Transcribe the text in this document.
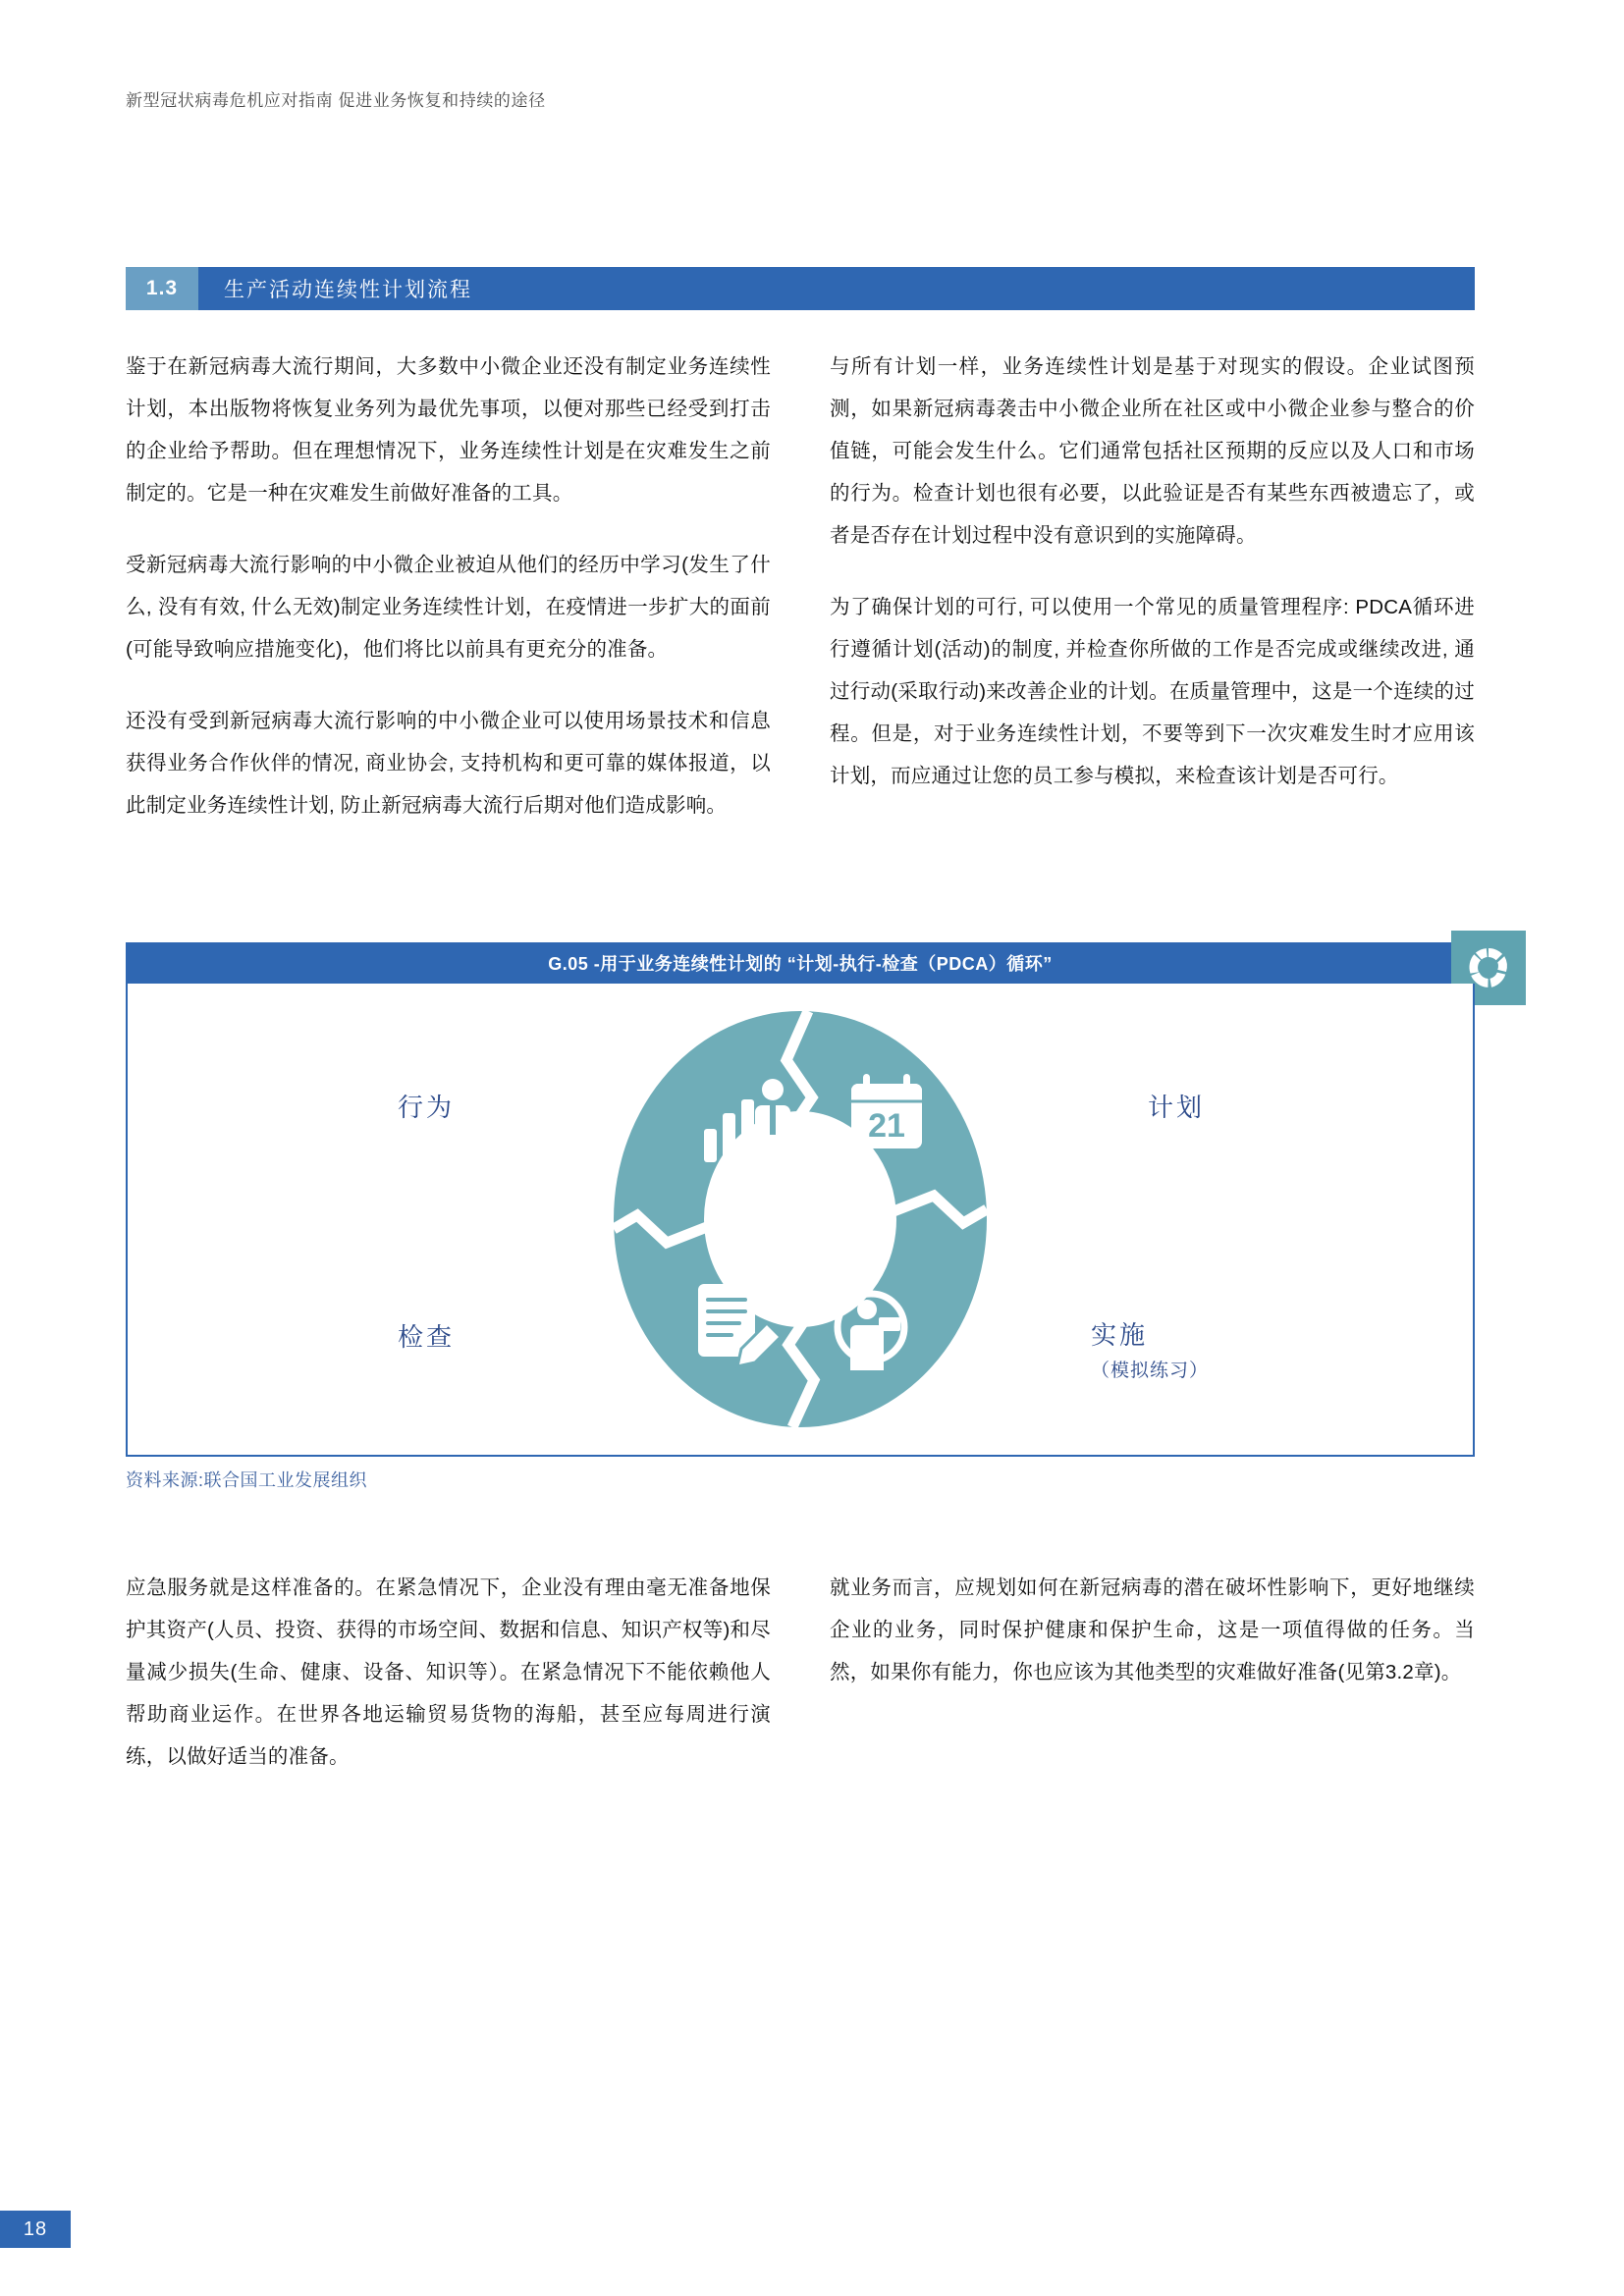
新型冠状病毒危机应对指南 促进业务恢复和持续的途径
1.3	生产活动连续性计划流程

鉴于在新冠病毒大流行期间，大多数中小微企业还没有制定业务连续性计划，本出版物将恢复业务列为最优先事项，以便对那些已经受到打击的企业给予帮助。但在理想情况下，业务连续性计划是在灾难发生之前制定的。它是一种在灾难发生前做好准备的工具。

受新冠病毒大流行影响的中小微企业被迫从他们的经历中学习(发生了什么, 没有有效, 什么无效)制定业务连续性计划，在疫情进一步扩大的面前(可能导致响应措施变化)，他们将比以前具有更充分的准备。

还没有受到新冠病毒大流行影响的中小微企业可以使用场景技术和信息获得业务合作伙伴的情况, 商业协会, 支持机构和更可靠的媒体报道，以此制定业务连续性计划, 防止新冠病毒大流行后期对他们造成影响。

与所有计划一样，业务连续性计划是基于对现实的假设。企业试图预测，如果新冠病毒袭击中小微企业所在社区或中小微企业参与整合的价值链，可能会发生什么。它们通常包括社区预期的反应以及人口和市场的行为。检查计划也很有必要，以此验证是否有某些东西被遗忘了，或者是否存在计划过程中没有意识到的实施障碍。

为了确保计划的可行, 可以使用一个常见的质量管理程序: PDCA循环进行遵循计划(活动)的制度, 并检查你所做的工作是否完成或继续改进, 通过行动(采取行动)来改善企业的计划。在质量管理中，这是一个连续的过程。但是，对于业务连续性计划，不要等到下一次灾难发生时才应用该计划，而应通过让您的员工参与模拟，来检查该计划是否可行。

G.05 -用于业务连续性计划的 “计划-执行-检查（PDCA）循环”
21
行为	计划
检查	实施
（模拟练习）
资料来源:联合国工业发展组织

应急服务就是这样准备的。在紧急情况下，企业没有理由毫无准备地保护其资产(人员、投资、获得的市场空间、数据和信息、知识产权等)和尽量减少损失(生命、健康、设备、知识等）。在紧急情况下不能依赖他人帮助商业运作。在世界各地运输贸易货物的海船，甚至应每周进行演练，以做好适当的准备。

就业务而言，应规划如何在新冠病毒的潜在破坏性影响下，更好地继续企业的业务，同时保护健康和保护生命，这是一项值得做的任务。当然，如果你有能力，你也应该为其他类型的灾难做好准备(见第3.2章)。

18
